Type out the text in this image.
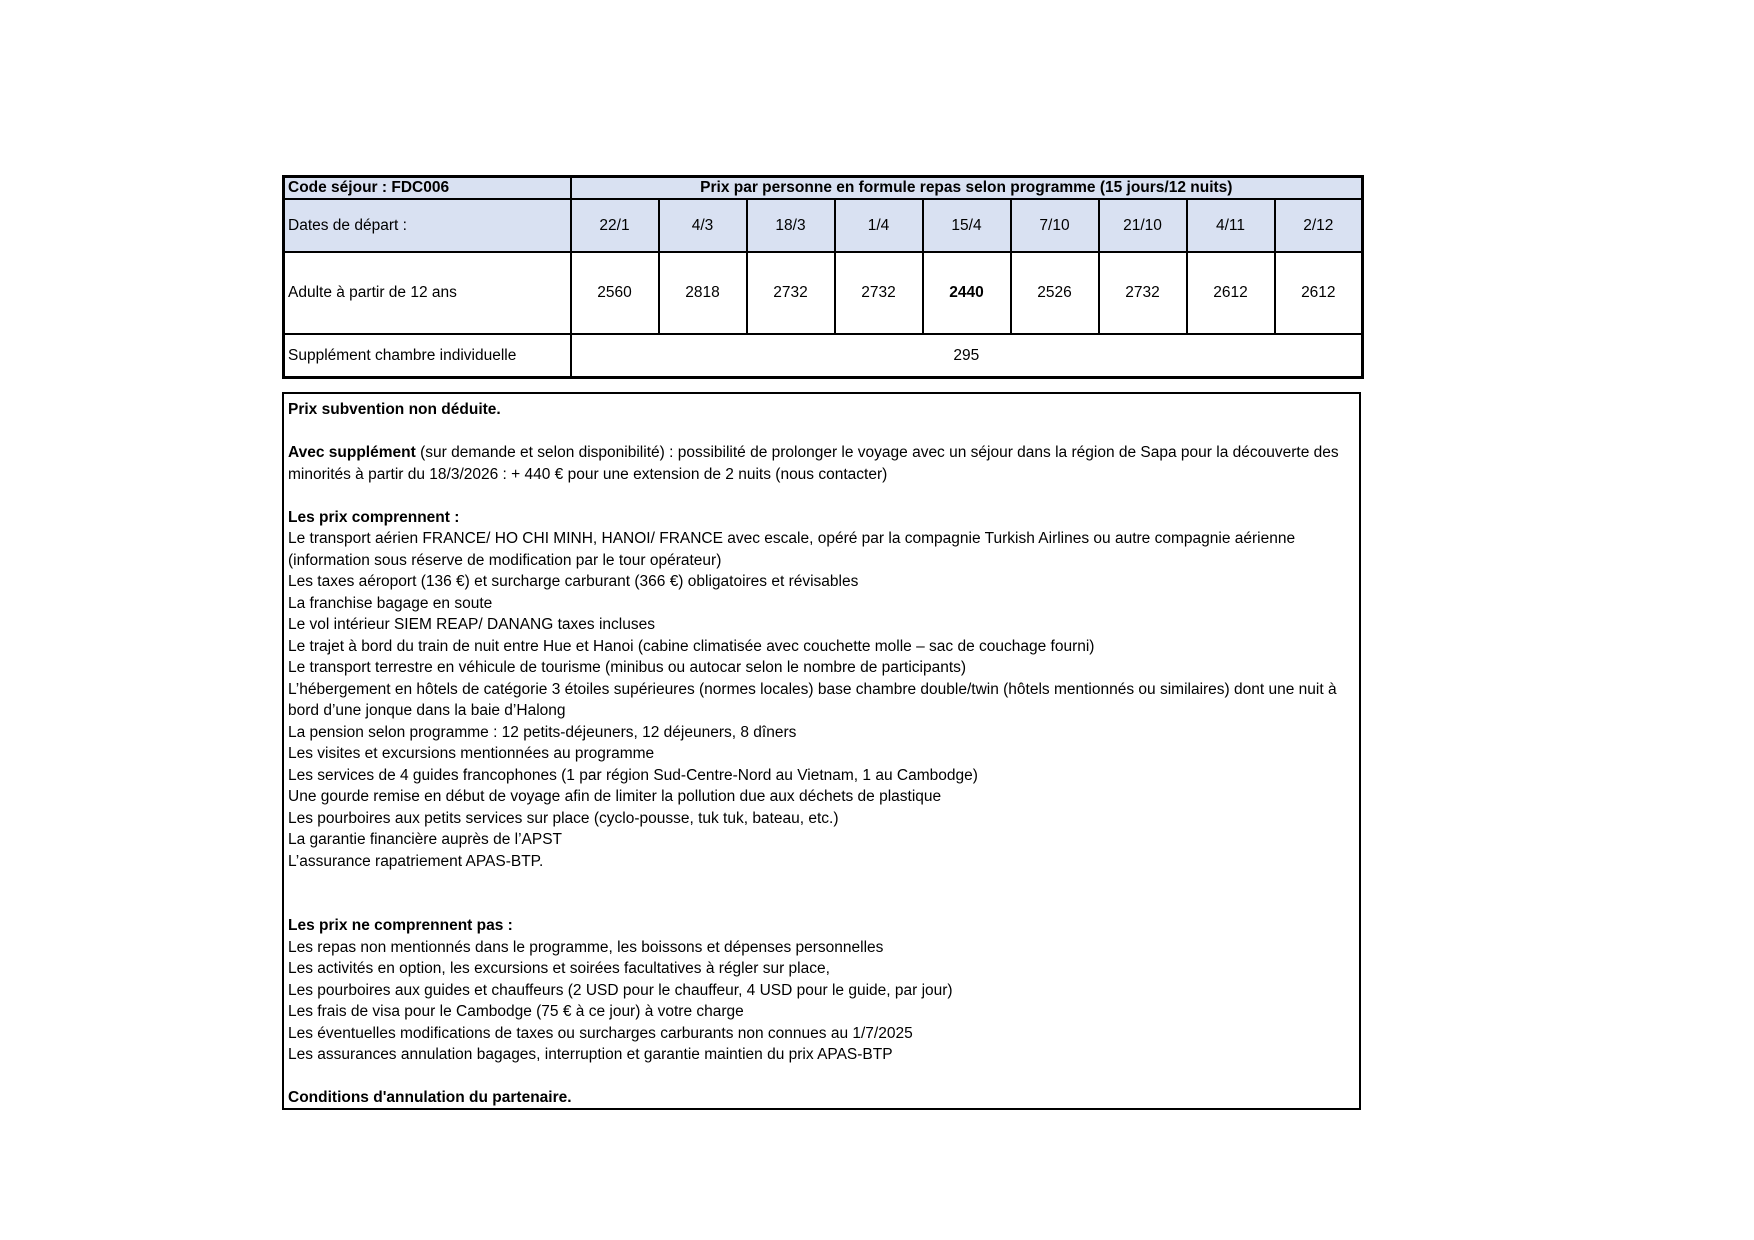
Code séjour : FDC006	Prix par personne en formule repas selon programme (15 jours/12 nuits)								
Dates de départ :	22/1	4/3	18/3	1/4	15/4	7/10	21/10	4/11	2/12
Adulte à partir de 12 ans	2560	2818	2732	2732	2440	2526	2732	2612	2612
Supplément chambre individuelle	295								
Prix subvention non déduite.
Avec supplément (sur demande et selon disponibilité) : possibilité de prolonger le voyage avec un séjour dans la région de Sapa pour la découverte des minorités à partir du 18/3/2026 : + 440 € pour une extension de 2 nuits (nous contacter)
Les prix comprennent :
Le transport aérien FRANCE/ HO CHI MINH, HANOI/ FRANCE avec escale, opéré par la compagnie Turkish Airlines ou autre compagnie aérienne (information sous réserve de modification par le tour opérateur)
Les taxes aéroport (136 €) et surcharge carburant (366 €) obligatoires et révisables
La franchise bagage en soute
Le vol intérieur SIEM REAP/ DANANG taxes incluses
Le trajet à bord du train de nuit entre Hue et Hanoi (cabine climatisée avec couchette molle – sac de couchage fourni)
Le transport terrestre en véhicule de tourisme (minibus ou autocar selon le nombre de participants)
L’hébergement en hôtels de catégorie 3 étoiles supérieures (normes locales) base chambre double/twin (hôtels mentionnés ou similaires) dont une nuit à bord d’une jonque dans la baie d’Halong
La pension selon programme : 12 petits-déjeuners, 12 déjeuners, 8 dîners
Les visites et excursions mentionnées au programme
Les services de 4 guides francophones (1 par région Sud-Centre-Nord au Vietnam, 1 au Cambodge)
Une gourde remise en début de voyage afin de limiter la pollution due aux déchets de plastique
Les pourboires aux petits services sur place (cyclo-pousse, tuk tuk, bateau, etc.)
La garantie financière auprès de l’APST
L’assurance rapatriement APAS-BTP.
Les prix ne comprennent pas :
Les repas non mentionnés dans le programme, les boissons et dépenses personnelles
Les activités en option, les excursions et soirées facultatives à régler sur place,
Les pourboires aux guides et chauffeurs (2 USD pour le chauffeur, 4 USD pour le guide, par jour)
Les frais de visa pour le Cambodge (75 € à ce jour) à votre charge
Les éventuelles modifications de taxes ou surcharges carburants non connues au 1/7/2025
Les assurances annulation bagages, interruption et garantie maintien du prix APAS-BTP
Conditions d'annulation du partenaire.
